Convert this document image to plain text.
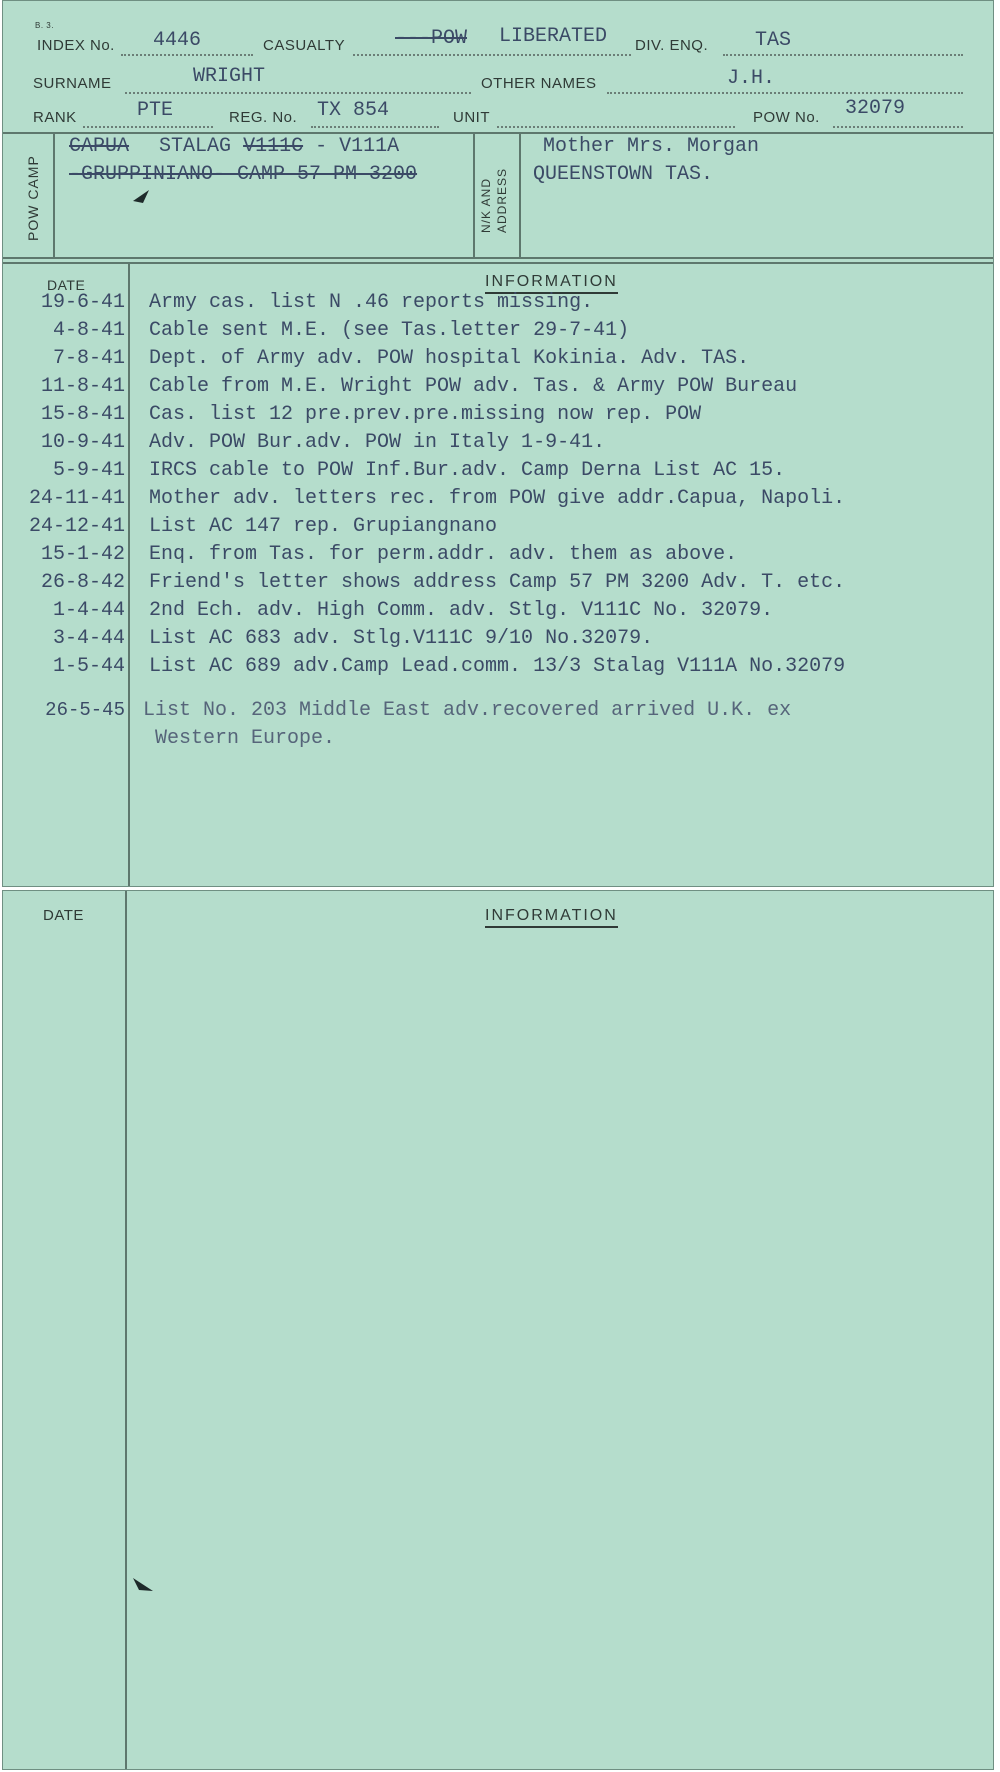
B. 3.
INDEX No. 4446	CASUALTY ---POW LIBERATED DIV. ENQ. TAS
SURNAME	WRIGHT	OTHER NAMES	J.H.
RANK	PTE	REG. No. TX 854	UNIT	POW No. 32079
POW CAMP
CAPUA STALAG V111C - V111A
-GRUPPINIANO- CAMP 57 PM 3200
N/K AND ADDRESS
Mother Mrs. Morgan
QUEENSTOWN TAS.
DATE	INFORMATION
19-6-41 Army cas. list N .46 reports missing.
4-8-41 Cable sent M.E. (see Tas.letter 29-7-41)
7-8-41 Dept. of Army adv. POW hospital Kokinia. Adv. TAS.
11-8-41 Cable from M.E. Wright POW adv. Tas. & Army POW Bureau
15-8-41 Cas. list 12 pre.prev.pre.missing now rep. POW
10-9-41 Adv. POW Bur.adv. POW in Italy 1-9-41.
5-9-41 IRCS cable to POW Inf.Bur.adv. Camp Derna List AC 15.
24-11-41 Mother adv. letters rec. from POW give addr.Capua, Napoli.
24-12-41 List AC 147 rep. Grupiangnano
15-1-42 Enq. from Tas. for perm.addr. adv. them as above.
26-8-42 Friend's letter shows address Camp 57 PM 3200 Adv. T. etc.
1-4-44 2nd Ech. adv. High Comm. adv. Stlg. V111C No. 32079.
3-4-44 List AC 683 adv. Stlg.V111C 9/10 No.32079.
1-5-44 List AC 689 adv.Camp Lead.comm. 13/3 Stalag V111A No.32079
26-5-45 List No. 203 Middle East adv.recovered arrived U.K. ex
Western Europe.
DATE	INFORMATION
